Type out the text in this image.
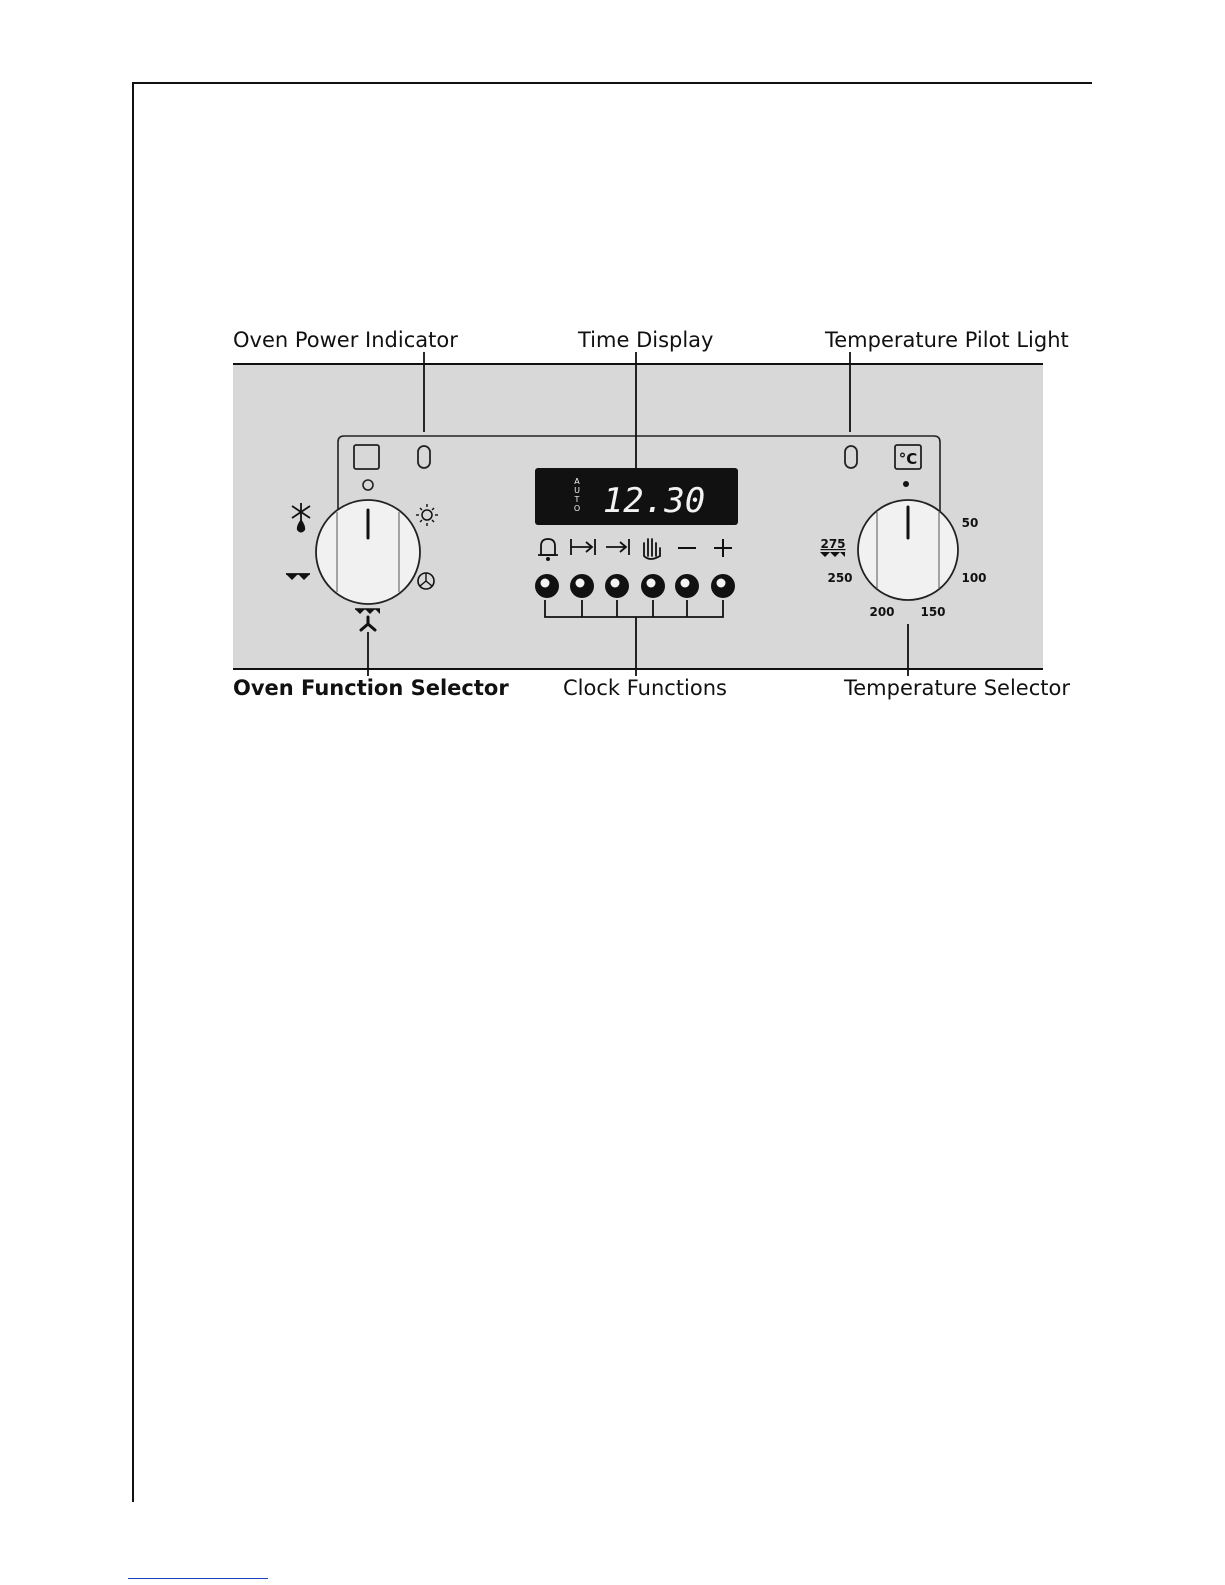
Oven Power Indicator	Time Display	Temperature Pilot Light
Oven Function Selector	Clock Functions	Temperature Selector
A U T O 12.30
°C
50
100
150
200
250
275
